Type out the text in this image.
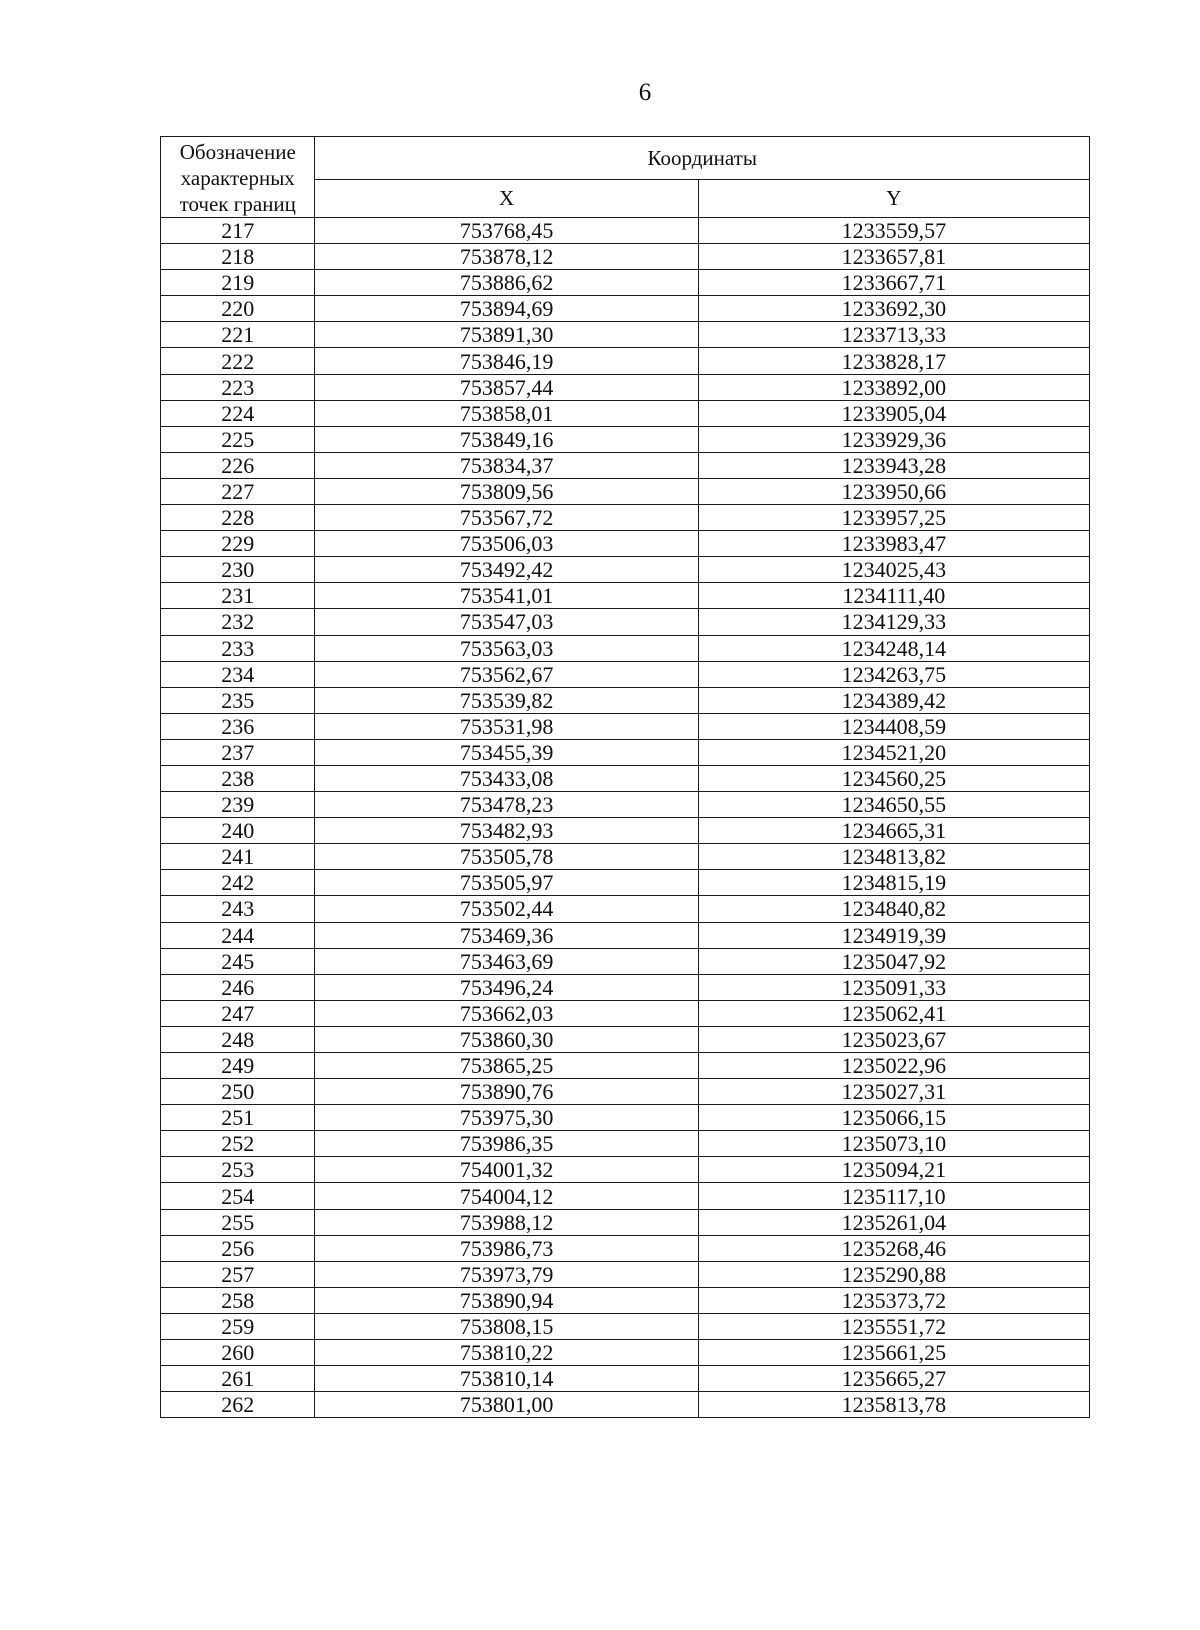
6
Обозначение характерных точек границ	Координаты	
	X	Y
217	753768,45	1233559,57
218	753878,12	1233657,81
219	753886,62	1233667,71
220	753894,69	1233692,30
221	753891,30	1233713,33
222	753846,19	1233828,17
223	753857,44	1233892,00
224	753858,01	1233905,04
225	753849,16	1233929,36
226	753834,37	1233943,28
227	753809,56	1233950,66
228	753567,72	1233957,25
229	753506,03	1233983,47
230	753492,42	1234025,43
231	753541,01	1234111,40
232	753547,03	1234129,33
233	753563,03	1234248,14
234	753562,67	1234263,75
235	753539,82	1234389,42
236	753531,98	1234408,59
237	753455,39	1234521,20
238	753433,08	1234560,25
239	753478,23	1234650,55
240	753482,93	1234665,31
241	753505,78	1234813,82
242	753505,97	1234815,19
243	753502,44	1234840,82
244	753469,36	1234919,39
245	753463,69	1235047,92
246	753496,24	1235091,33
247	753662,03	1235062,41
248	753860,30	1235023,67
249	753865,25	1235022,96
250	753890,76	1235027,31
251	753975,30	1235066,15
252	753986,35	1235073,10
253	754001,32	1235094,21
254	754004,12	1235117,10
255	753988,12	1235261,04
256	753986,73	1235268,46
257	753973,79	1235290,88
258	753890,94	1235373,72
259	753808,15	1235551,72
260	753810,22	1235661,25
261	753810,14	1235665,27
262	753801,00	1235813,78
